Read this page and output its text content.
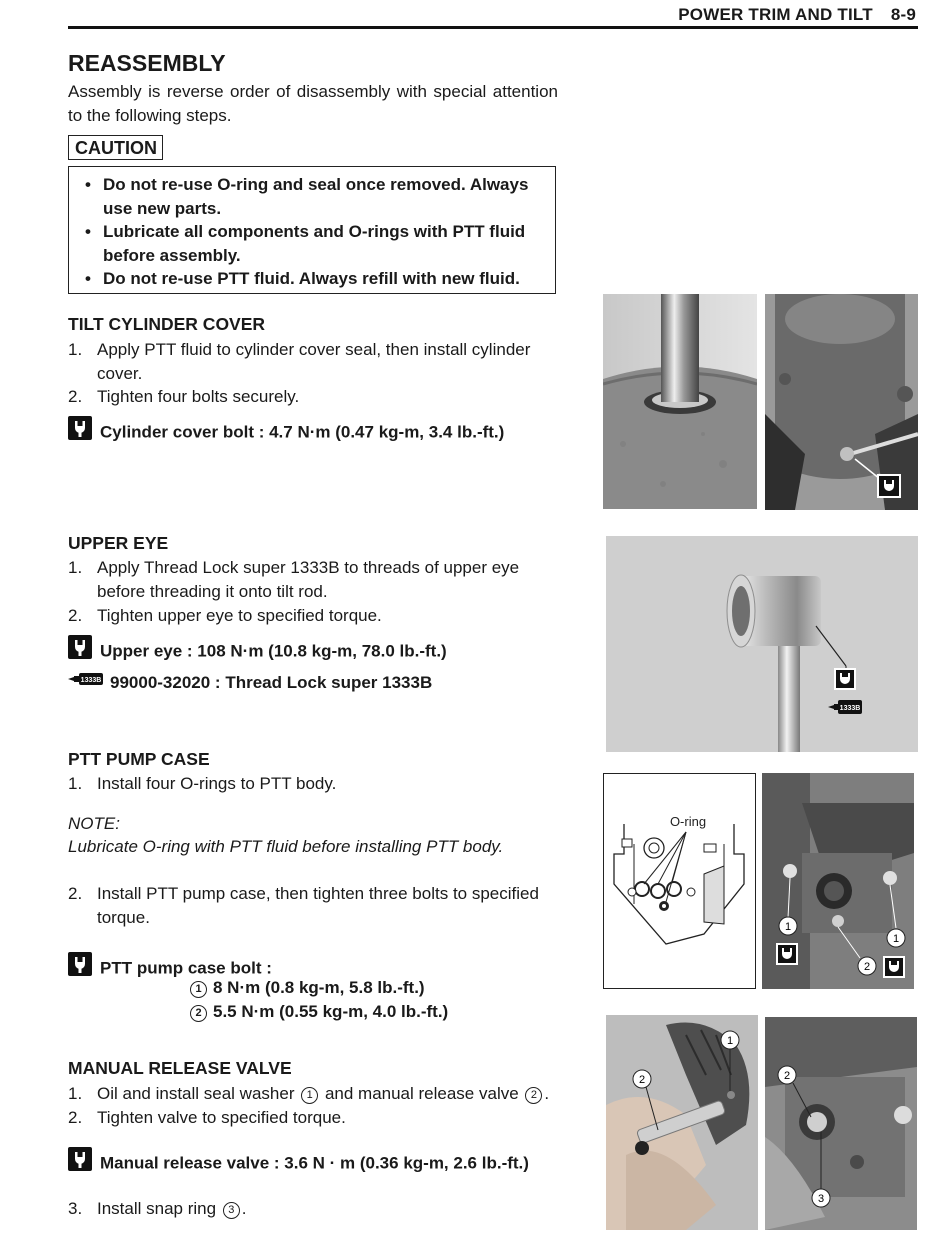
POWER TRIM AND TILT 8-9
REASSEMBLY
Assembly is reverse order of disassembly with special attention to the following steps.
CAUTION
• Do not re-use O-ring and seal once removed. Always use new parts.
• Lubricate all components and O-rings with PTT fluid before assembly.
• Do not re-use PTT fluid. Always refill with new fluid.
TILT CYLINDER COVER
1. Apply PTT fluid to cylinder cover seal, then install cylinder cover.
2. Tighten four bolts securely.
Cylinder cover bolt : 4.7 N·m (0.47 kg-m, 3.4 lb.-ft.)
UPPER EYE
1. Apply Thread Lock super 1333B to threads of upper eye before threading it onto tilt rod.
2. Tighten upper eye to specified torque.
Upper eye : 108 N·m (10.8 kg-m, 78.0 lb.-ft.)
1333B 99000-32020 : Thread Lock super 1333B
PTT PUMP CASE
1. Install four O-rings to PTT body.
NOTE:
Lubricate O-ring with PTT fluid before installing PTT body.
2. Install PTT pump case, then tighten three bolts to specified torque.
PTT pump case bolt :
1 8 N·m (0.8 kg-m, 5.8 lb.-ft.)
2 5.5 N·m (0.55 kg-m, 4.0 lb.-ft.)
MANUAL RELEASE VALVE
1. Oil and install seal washer 1 and manual release valve 2 .
2. Tighten valve to specified torque.
Manual release valve : 3.6 N · m (0.36 kg-m, 2.6 lb.-ft.)
3. Install snap ring 3 .
1333B
O-ring
1
1
2
2
1
2
3
